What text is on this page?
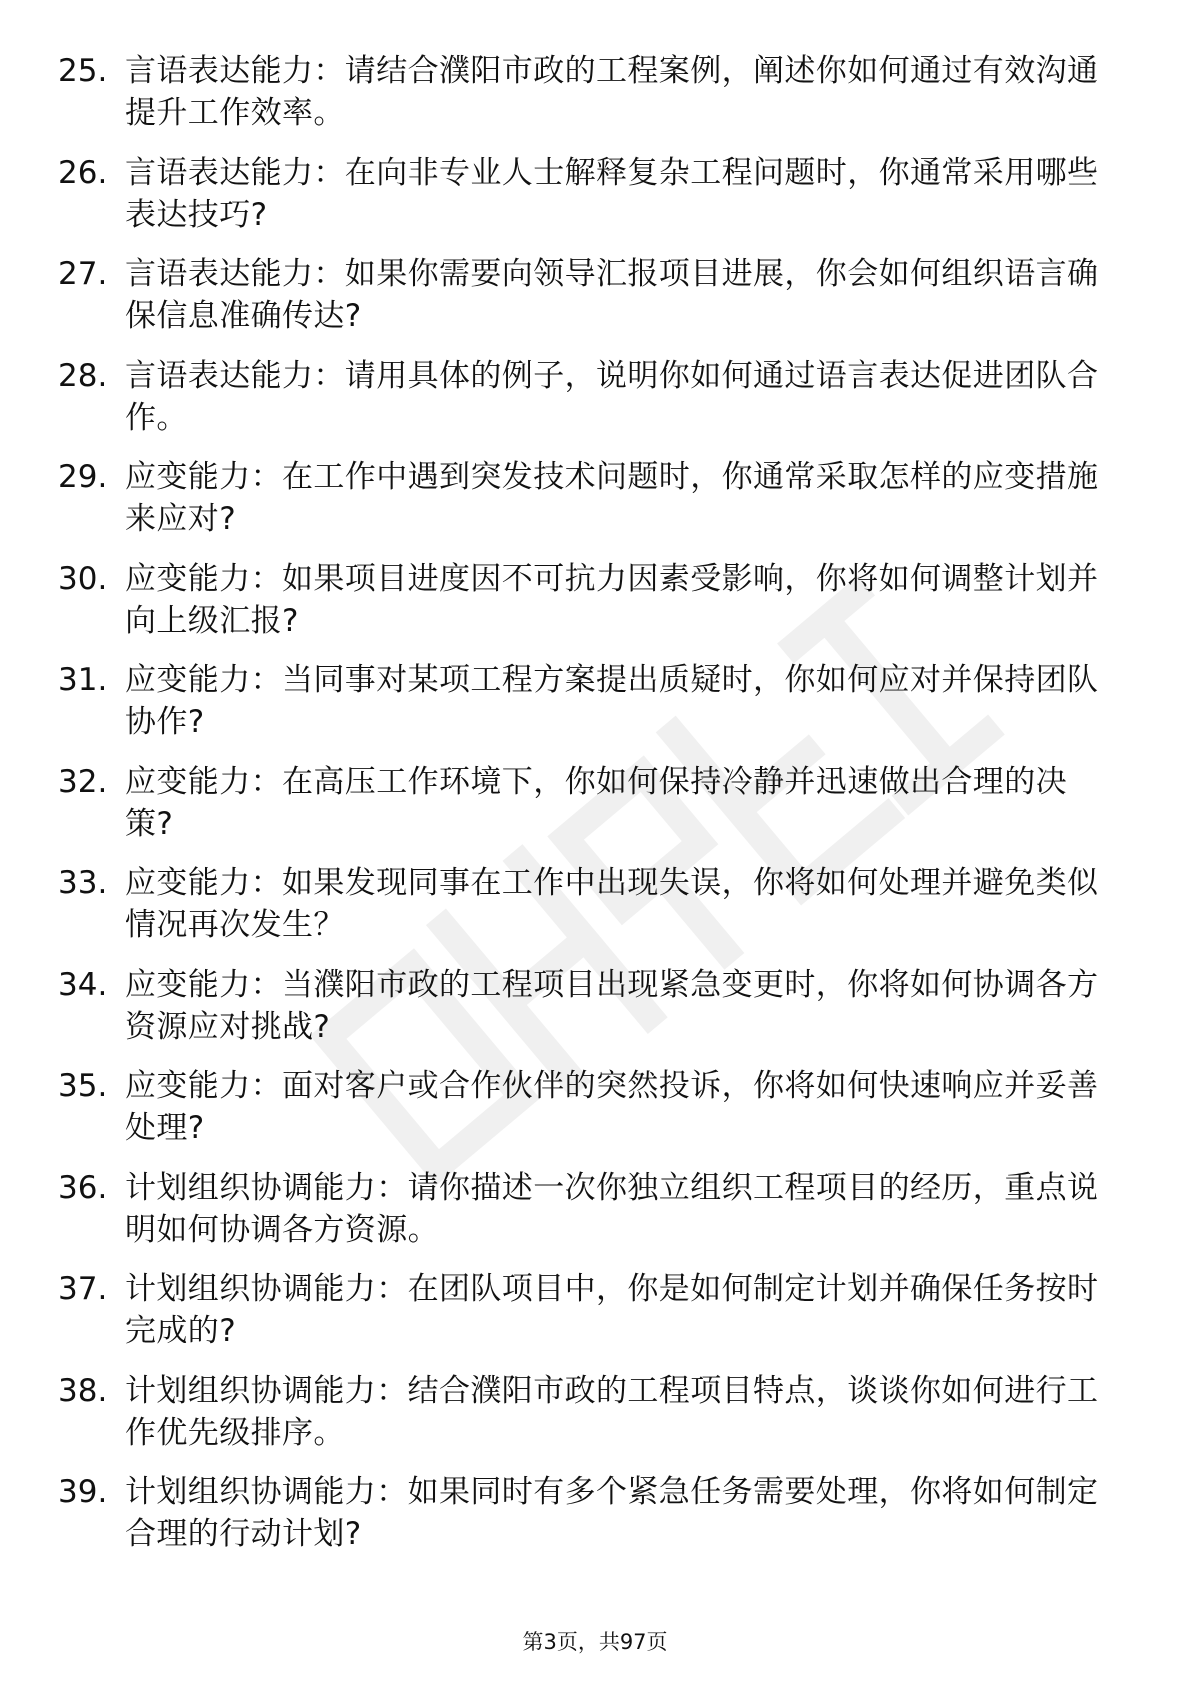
25. 言语表达能力：请结合濮阳市政的工程案例，阐述你如何通过有效沟通提升工作效率。
26. 言语表达能力：在向非专业人士解释复杂工程问题时，你通常采用哪些表达技巧?
27. 言语表达能力：如果你需要向领导汇报项目进展，你会如何组织语言确保信息准确传达?
28. 言语表达能力：请用具体的例子，说明你如何通过语言表达促进团队合作。
29. 应变能力：在工作中遇到突发技术问题时，你通常采取怎样的应变措施来应对?
30. 应变能力：如果项目进度因不可抗力因素受影响，你将如何调整计划并向上级汇报?
31. 应变能力：当同事对某项工程方案提出质疑时，你如何应对并保持团队协作?
32. 应变能力：在高压工作环境下，你如何保持冷静并迅速做出合理的决策?
33. 应变能力：如果发现同事在工作中出现失误，你将如何处理并避免类似情况再次发生？
34. 应变能力：当濮阳市政的工程项目出现紧急变更时，你将如何协调各方资源应对挑战?
35. 应变能力：面对客户或合作伙伴的突然投诉，你将如何快速响应并妥善处理?
36. 计划组织协调能力：请你描述一次你独立组织工程项目的经历，重点说明如何协调各方资源。
37. 计划组织协调能力：在团队项目中，你是如何制定计划并确保任务按时完成的?
38. 计划组织协调能力：结合濮阳市政的工程项目特点，谈谈你如何进行工作优先级排序。
39. 计划组织协调能力：如果同时有多个紧急任务需要处理，你将如何制定合理的行动计划?
第3页，共97页
